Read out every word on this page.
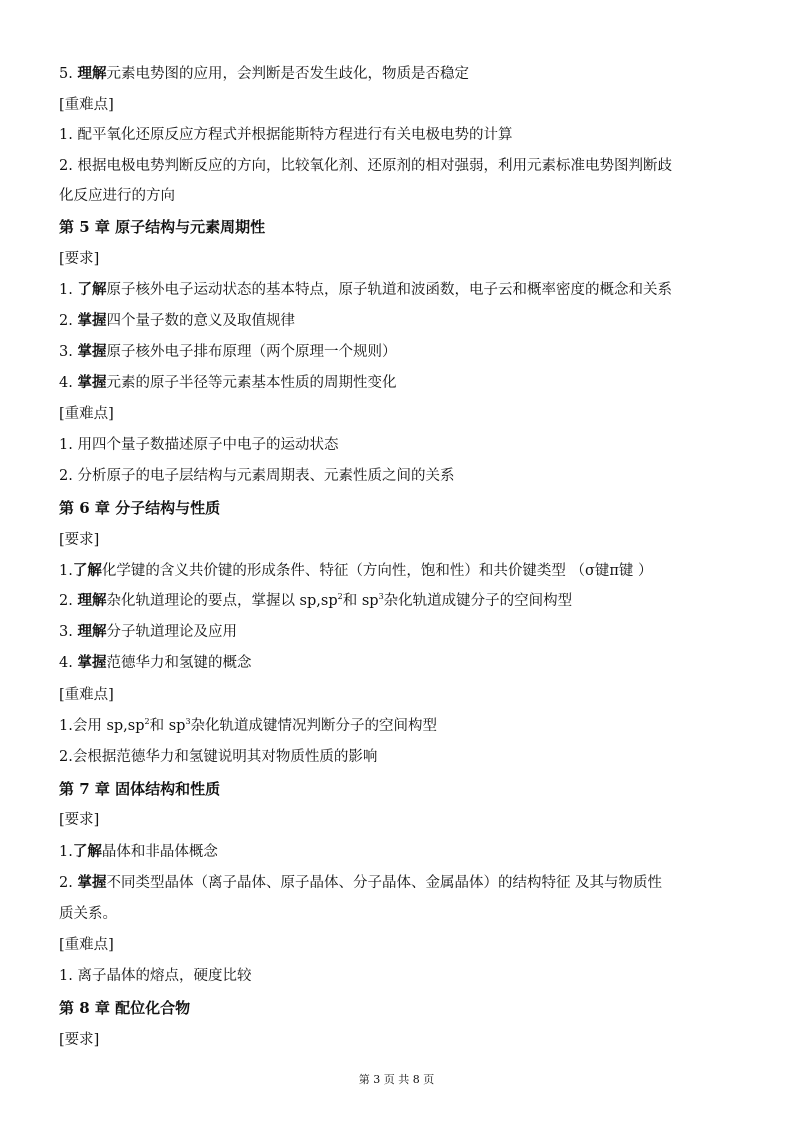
5. 理解元素电势图的应用，会判断是否发生歧化，物质是否稳定
[重难点]
1. 配平氧化还原反应方程式并根据能斯特方程进行有关电极电势的计算
2. 根据电极电势判断反应的方向，比较氧化剂、还原剂的相对强弱，利用元素标准电势图判断歧
化反应进行的方向
第 5 章 原子结构与元素周期性
[要求]
1. 了解原子核外电子运动状态的基本特点，原子轨道和波函数，电子云和概率密度的概念和关系
2. 掌握四个量子数的意义及取值规律
3. 掌握原子核外电子排布原理（两个原理一个规则）
4. 掌握元素的原子半径等元素基本性质的周期性变化
[重难点]
1. 用四个量子数描述原子中电子的运动状态
2. 分析原子的电子层结构与元素周期表、元素性质之间的关系
第 6 章 分子结构与性质
[要求]
1.了解化学键的含义共价键的形成条件、特征（方向性，饱和性）和共价键类型 （σ键π键 ）
2. 理解杂化轨道理论的要点，掌握以 $sp,sp^2$和 $sp^3$杂化轨道成键分子的空间构型
3. 理解分子轨道理论及应用
4. 掌握范德华力和氢键的概念
[重难点]
1.会用 $sp,sp^2$和 $sp^3$杂化轨道成键情况判断分子的空间构型
2.会根据范德华力和氢键说明其对物质性质的影响
第 7 章 固体结构和性质
[要求]
1.了解晶体和非晶体概念
2. 掌握不同类型晶体（离子晶体、原子晶体、分子晶体、金属晶体）的结构特征 及其与物质性
质关系。
[重难点]
1. 离子晶体的熔点，硬度比较
第 8 章 配位化合物
[要求]
第 3 页 共 8 页
